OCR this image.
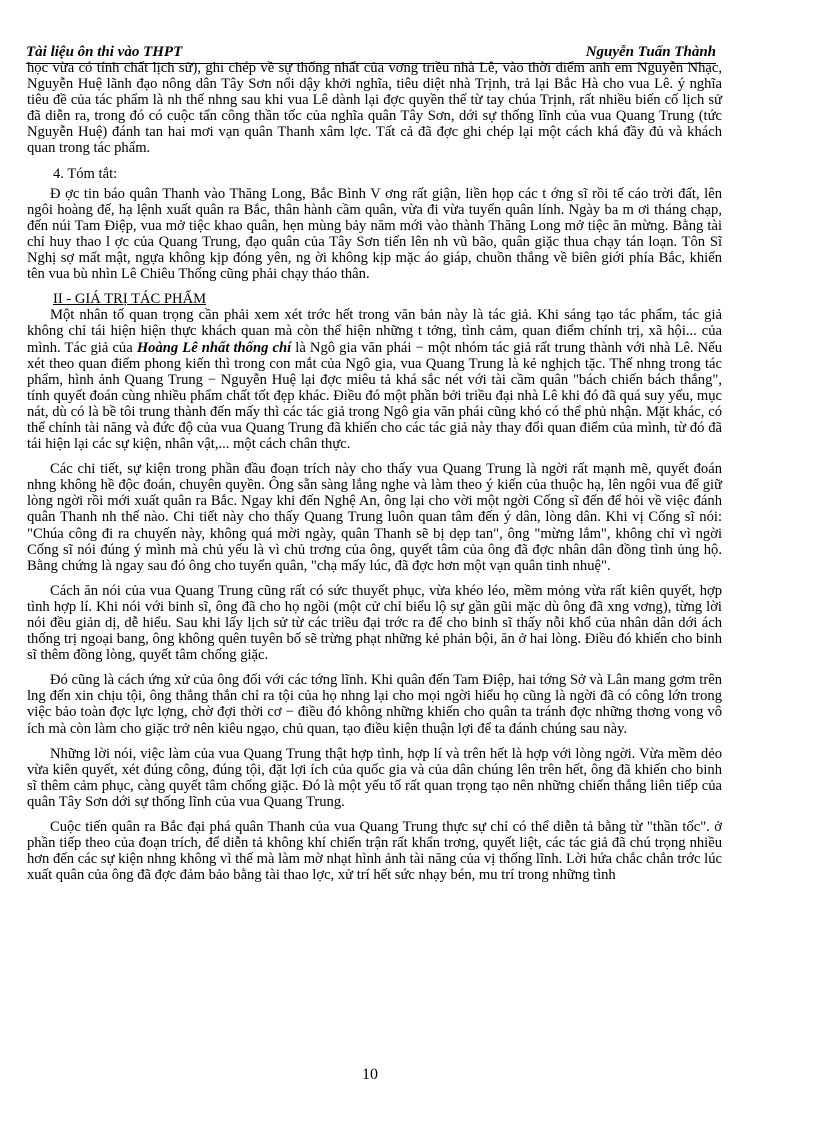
Tài liệu ôn thi vào THPT	Nguyễn Tuấn Thành

học vừa có tính chất lịch sử), ghi chép về sự thống nhất của vơng triều nhà Lê, vào thời điểm anh em Nguyễn Nhạc, Nguyễn Huệ lãnh đạo nông dân Tây Sơn nổi dậy khởi nghĩa, tiêu diệt nhà Trịnh, trả lại Bắc Hà cho vua Lê. ý nghĩa tiêu đề của tác phẩm là nh thế nhng sau khi vua Lê dành lại đợc quyền thế từ tay chúa Trịnh, rất nhiều biến cố lịch sử đã diễn ra, trong đó có cuộc tấn công thần tốc của nghĩa quân Tây Sơn, dới sự thống lĩnh của vua Quang Trung (tức Nguyễn Huệ) đánh tan hai mơi vạn quân Thanh xâm lợc. Tất cả đã đợc ghi chép lại một cách khá đầy đủ và khách quan trong tác phẩm.

4. Tóm tắt:

Đ ợc tin báo quân Thanh vào Thăng Long, Bắc Bình V ơng rất giận, liền họp các t ớng sĩ rồi tế cáo trời đất, lên ngôi hoàng đế, hạ lệnh xuất quân ra Bắc, thân hành cầm quân, vừa đi vừa tuyển quân lính. Ngày ba m ơi tháng chạp, đến núi Tam Điệp, vua mở tiệc khao quân, hẹn mùng bảy năm mới vào thành Thăng Long mở tiệc ăn mừng. Bằng tài chỉ huy thao l ợc của Quang Trung, đạo quân của Tây Sơn tiến lên nh vũ bão, quân giặc thua chạy tán loạn. Tôn Sĩ Nghị sợ mất mật, ngựa không kịp đóng yên, ng ời không kịp mặc áo giáp, chuồn thẳng về biên giới phía Bắc, khiến tên vua bù nhìn Lê Chiêu Thống cũng phải chạy tháo thân.

II - GIÁ TRỊ TÁC PHẨM

Một nhân tố quan trọng cần phải xem xét trớc hết trong văn bản này là tác giả. Khi sáng tạo tác phẩm, tác giả không chỉ tái hiện hiện thực khách quan mà còn thể hiện những t tởng, tình cảm, quan điểm chính trị, xã hội... của mình. Tác giả của Hoàng Lê nhất thống chí là Ngô gia văn phái − một nhóm tác giả rất trung thành với nhà Lê. Nếu xét theo quan điểm phong kiến thì trong con mắt của Ngô gia, vua Quang Trung là kẻ nghịch tặc. Thế nhng trong tác phẩm, hình ảnh Quang Trung − Nguyễn Huệ lại đợc miêu tả khá sắc nét với tài cầm quân "bách chiến bách thắng", tính quyết đoán cùng nhiều phẩm chất tốt đẹp khác. Điều đó một phần bởi triều đại nhà Lê khi đó đã quá suy yếu, mục nát, dù có là bề tôi trung thành đến mấy thì các tác giả trong Ngô gia văn phái cũng khó có thể phủ nhận. Mặt khác, có thể chính tài năng và đức độ của vua Quang Trung đã khiến cho các tác giả này thay đổi quan điểm của mình, từ đó đã tái hiện lại các sự kiện, nhân vật,... một cách chân thực.

Các chi tiết, sự kiện trong phần đầu đoạn trích này cho thấy vua Quang Trung là ngời rất mạnh mẽ, quyết đoán nhng không hề độc đoán, chuyên quyền. Ông sẵn sàng lắng nghe và làm theo ý kiến của thuộc hạ, lên ngôi vua để giữ lòng ngời rồi mới xuất quân ra Bắc. Ngay khi đến Nghệ An, ông lại cho vời một ngời Cống sĩ đến để hỏi về việc đánh quân Thanh nh thế nào. Chi tiết này cho thấy Quang Trung luôn quan tâm đến ý dân, lòng dân. Khi vị Cống sĩ nói: "Chúa công đi ra chuyến này, không quá mời ngày, quân Thanh sẽ bị dẹp tan", ông "mừng lắm", không chỉ vì ngời Cống sĩ nói đúng ý mình mà chủ yếu là vì chủ trơng của ông, quyết tâm của ông đã đợc nhân dân đồng tình ủng hộ. Bằng chứng là ngay sau đó ông cho tuyển quân, "chạ mấy lúc, đã đợc hơn một vạn quân tinh nhuệ".

Cách ăn nói của vua Quang Trung cũng rất có sức thuyết phục, vừa khéo léo, mềm mỏng vừa rất kiên quyết, hợp tình hợp lí. Khi nói với binh sĩ, ông đã cho họ ngồi (một cử chỉ biểu lộ sự gần gũi mặc dù ông đã xng vơng), từng lời nói đều giản dị, dễ hiểu. Sau khi lấy lịch sử từ các triều đại trớc ra để cho binh sĩ thấy nỗi khổ của nhân dân dới ách thống trị ngoại bang, ông không quên tuyên bố sẽ trừng phạt những kẻ phản bội, ăn ở hai lòng. Điều đó khiến cho binh sĩ thêm đồng lòng, quyết tâm chống giặc.

Đó cũng là cách ứng xử của ông đối với các tớng lĩnh. Khi quân đến Tam Điệp, hai tớng Sở và Lân mang gơm trên lng đến xin chịu tội, ông thẳng thắn chỉ ra tội của họ nhng lại cho mọi ngời hiểu họ cũng là ngời đã có công lớn trong việc bảo toàn đợc lực lợng, chờ đợi thời cơ − điều đó không những khiến cho quân ta tránh đợc những thơng vong vô ích mà còn làm cho giặc trở nên kiêu ngạo, chủ quan, tạo điều kiện thuận lợi để ta đánh chúng sau này.

Những lời nói, việc làm của vua Quang Trung thật hợp tình, hợp lí và trên hết là hợp với lòng ngời. Vừa mềm dẻo vừa kiên quyết, xét đúng công, đúng tội, đặt lợi ích của quốc gia và của dân chúng lên trên hết, ông đã khiến cho binh sĩ thêm cảm phục, càng quyết tâm chống giặc. Đó là một yếu tố rất quan trọng tạo nên những chiến thắng liên tiếp của quân Tây Sơn dới sự thống lĩnh của vua Quang Trung.

Cuộc tiến quân ra Bắc đại phá quân Thanh của vua Quang Trung thực sự chỉ có thể diễn tả bằng từ "thần tốc". ở phần tiếp theo của đoạn trích, để diễn tả không khí chiến trận rất khẩn trơng, quyết liệt, các tác giả đã chú trọng nhiều hơn đến các sự kiện nhng không vì thế mà làm mờ nhạt hình ảnh tài năng của vị thống lĩnh. Lời hứa chắc chắn trớc lúc xuất quân của ông đã đợc đảm bảo bằng tài thao lợc, xử trí hết sức nhạy bén, mu trí trong những tình

10
